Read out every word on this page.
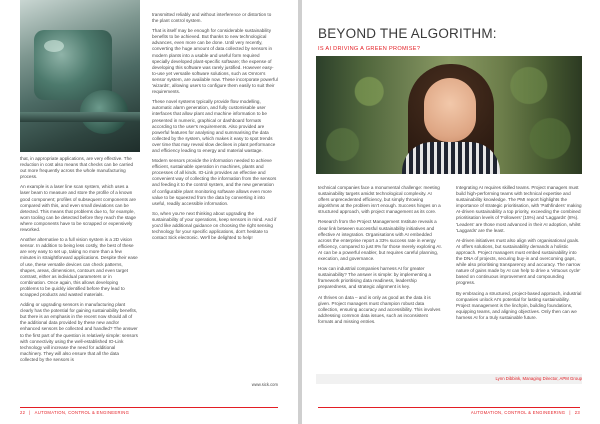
that, in appropriate applications, are very effective. The reduction in cost also means that checks can be carried out more frequently across the whole manufacturing process.

An example is a laser line scan system, which uses a laser beam to measure and store the profile of a known good component; profiles of subsequent components are compared with this, and even small deviations can be detected. This means that problems due to, for example, worn tooling can be detected before they reach the stage where components have to be scrapped or expensively reworked.

Another alternative to a full vision system is a 2D vision sensor. In addition to being less costly, the best of these are very easy to set up, taking no more than a few minutes in straightforward applications. Despite their ease of use, these versatile devices can check patterns, shapes, areas, dimensions, contours and even target contrast, either as individual parameters or in combination. Once again, this allows developing problems to be quickly identified before they lead to scrapped products and wasted materials.

Adding or upgrading sensors in manufacturing plant clearly has the potential for gaining sustainability benefits, but there is an emphasis in the recent now should all of the additional data provided by these new and/or enhanced sensors be collected and handled? The answer to the first part of the question is relatively simple: sensors with connectivity using the well-established IO-Link technology will increase the need for additional machinery. They will also ensure that all the data collected by the sensors is

transmitted reliably and without interference or distortion to the plant control system.

That is itself may be enough for considerable sustainability benefits to be achieved. But thanks to new technological advances, even more can be done. Until very recently, converting the huge amount of data collected by sensors in modern plants into a usable and useful form required specially developed plant-specific software; the expense of developing this software was rarely justified. However easy-to-use yet versatile software solutions, such as Omron's sensor system, are available now. These incorporate powerful 'wizards', allowing users to configure them easily to suit their requirements.

These novel systems typically provide flow modelling, automatic alarm generation, and fully customisable user interfaces that allow plant and machine information to be presented in numeric, graphical or dashboard formats according to the user's requirements. Also provided are powerful features for analysing and summarising the data collected by the system, which makes it easy to spot trends over time that may reveal slow declines in plant performance and efficiency leading to energy and material wastage.

Modern sensors provide the information needed to achieve efficient, sustainable operation in machines, plants and processes of all kinds. IO-Link provides an effective and convenient way of collecting the information from the sensors and feeding it to the control system, and the new generation of configurable plant monitoring software allows even more value to be squeezed from the data by converting it into useful, readily accessible information.

So, when you're next thinking about upgrading the sustainability of your operations, keep sensors in mind. And if you'd like additional guidance on choosing the right sensing technology for your specific applications, don't hesitate to contact Sick electronic. We'll be delighted to help!

www.sick.com
22 | AUTOMATION, CONTROL & ENGINEERING
BEYOND THE ALGORITHM:
IS AI DRIVING A GREEN PROMISE?

technical companies face a monumental challenge: meeting sustainability targets amidst technological complexity. AI offers unprecedented efficiency, but simply throwing algorithms at the problem isn't enough. Success hinges on a structured approach, with project management as its core.

Research from the Project Management Institute reveals a clear link between successful sustainability initiatives and effective AI integration. Organisations with AI embedded across the enterprise report a 33% success rate in energy efficiency, compared to just 8% for those merely exploring AI. AI can be a powerful enabler, but requires careful planning, execution, and governance.

How can industrial companies harness AI for greater sustainability? The answer is simple: by implementing a framework prioritising data readiness, leadership preparedness, and strategic alignment is key.

AI thrives on data – and is only as good as the data it is given. Project managers must champion robust data collection, ensuring accuracy and accessibility. This involves addressing common data issues, such as inconsistent formats and missing entries.

Integrating AI requires skilled teams. Project managers must build high-performing teams with technical expertise and sustainability knowledge. The PMI report highlights the importance of strategic prioritisation, with 'Pathfinders' making AI-driven sustainability a top priority, exceeding the combined prioritisation levels of 'Followers' (15%) and 'Laggards' (8%). 'Leaders' are those most advanced in their AI adoption, whilst 'Laggards' are the least.

AI-driven initiatives must also align with organisational goals. AI offers solutions, but sustainability demands a holistic approach. Project managers must embed sustainability into the DNA of projects, securing buy-in and overcoming gaps, while also prioritising transparency and accuracy. The narrow nature of gains made by AI can help to drive a 'virtuous cycle' based on continuous improvement and compounding progress.

By embracing a structured, project-based approach, industrial companies unlock AI's potential for lasting sustainability. Project management is the linchpin, building foundations, equipping teams, and aligning objectives. Only then can we harness AI for a truly sustainable future.

Lynn Dibbink, Managing Director, APM Group

AUTOMATION, CONTROL & ENGINEERING | 23
